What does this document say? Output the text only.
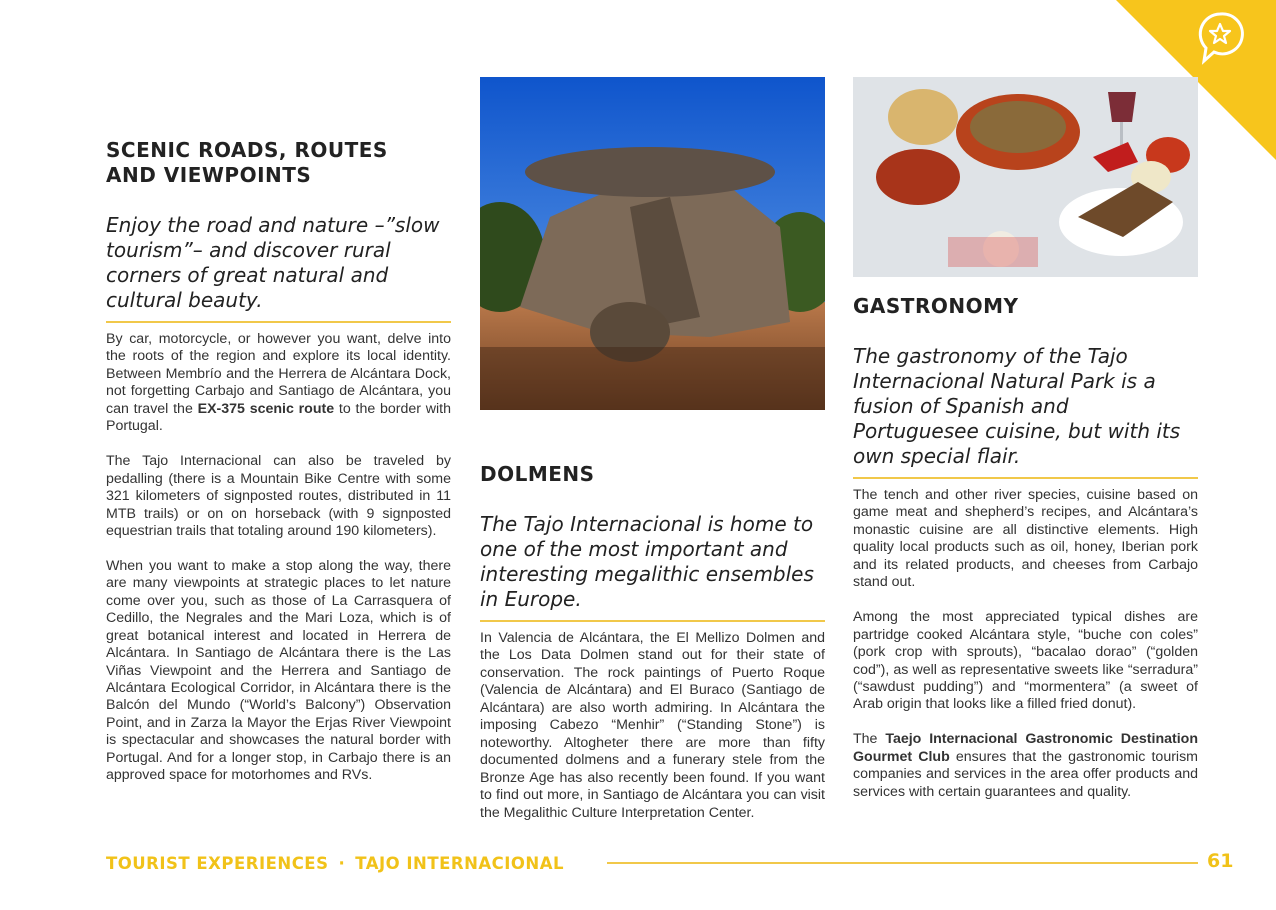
SCENIC ROADS, ROUTES
AND VIEWPOINTS

Enjoy the road and nature –”slow tourism”– and discover rural corners of great natural and cultural beauty.

By car, motorcycle, or however you want, delve into the roots of the region and explore its local identity. Between Membrío and the Herrera de Alcántara Dock, not forgetting Carbajo and Santiago de Alcántara, you can travel the EX-375 scenic route to the border with Portugal.

The Tajo Internacional can also be traveled by pedalling (there is a Mountain Bike Centre with some 321 kilometers of signposted routes, distributed in 11 MTB trails) or on on horseback (with 9 signposted equestrian trails that totaling around 190 kilometers).

When you want to make a stop along the way, there are many viewpoints at strategic places to let nature come over you, such as those of La Carrasquera of Cedillo, the Negrales and the Mari Loza, which is of great botanical interest and located in Herrera de Alcántara. In Santiago de Alcántara there is the Las Viñas Viewpoint and the Herrera and Santiago de Alcántara Ecological Corridor, in Alcántara there is the Balcón del Mundo (“World’s Balcony”) Observation Point, and in Zarza la Mayor the Erjas River Viewpoint is spectacular and showcases the natural border with Portugal. And for a longer stop, in Carbajo there is an approved space for motorhomes and RVs.

DOLMENS

The Tajo Internacional is home to one of the most important and interesting megalithic ensembles in Europe.

In Valencia de Alcántara, the El Mellizo Dolmen and the Los Data Dolmen stand out for their state of conservation. The rock paintings of Puerto Roque (Valencia de Alcántara) and El Buraco (Santiago de Alcántara) are also worth admiring. In Alcántara the imposing Cabezo “Menhir” (“Standing Stone”) is noteworthy. Altogheter there are more than fifty documented dolmens and a funerary stele from the Bronze Age has also recently been found. If you want to find out more, in Santiago de Alcántara you can visit the Megalithic Culture Interpretation Center.

GASTRONOMY

The gastronomy of the Tajo Internacional Natural Park is a fusion of Spanish and Portuguesee cuisine, but with its own special flair.

The tench and other river species, cuisine based on game meat and shepherd’s recipes, and Alcántara’s monastic cuisine are all distinctive elements. High quality local products such as oil, honey, Iberian pork and its related products, and cheeses from Carbajo stand out.

Among the most appreciated typical dishes are partridge cooked Alcántara style, “buche con coles” (pork crop with sprouts), “bacalao dorao” (“golden cod”), as well as representative sweets like “serradura” (“sawdust pudding”) and “mormentera” (a sweet of Arab origin that looks like a filled fried donut).

The Taejo Internacional Gastronomic Destination Gourmet Club ensures that the gastronomic tourism companies and services in the area offer products and services with certain guarantees and quality.

TOURIST EXPERIENCES · TAJO INTERNACIONAL	61
